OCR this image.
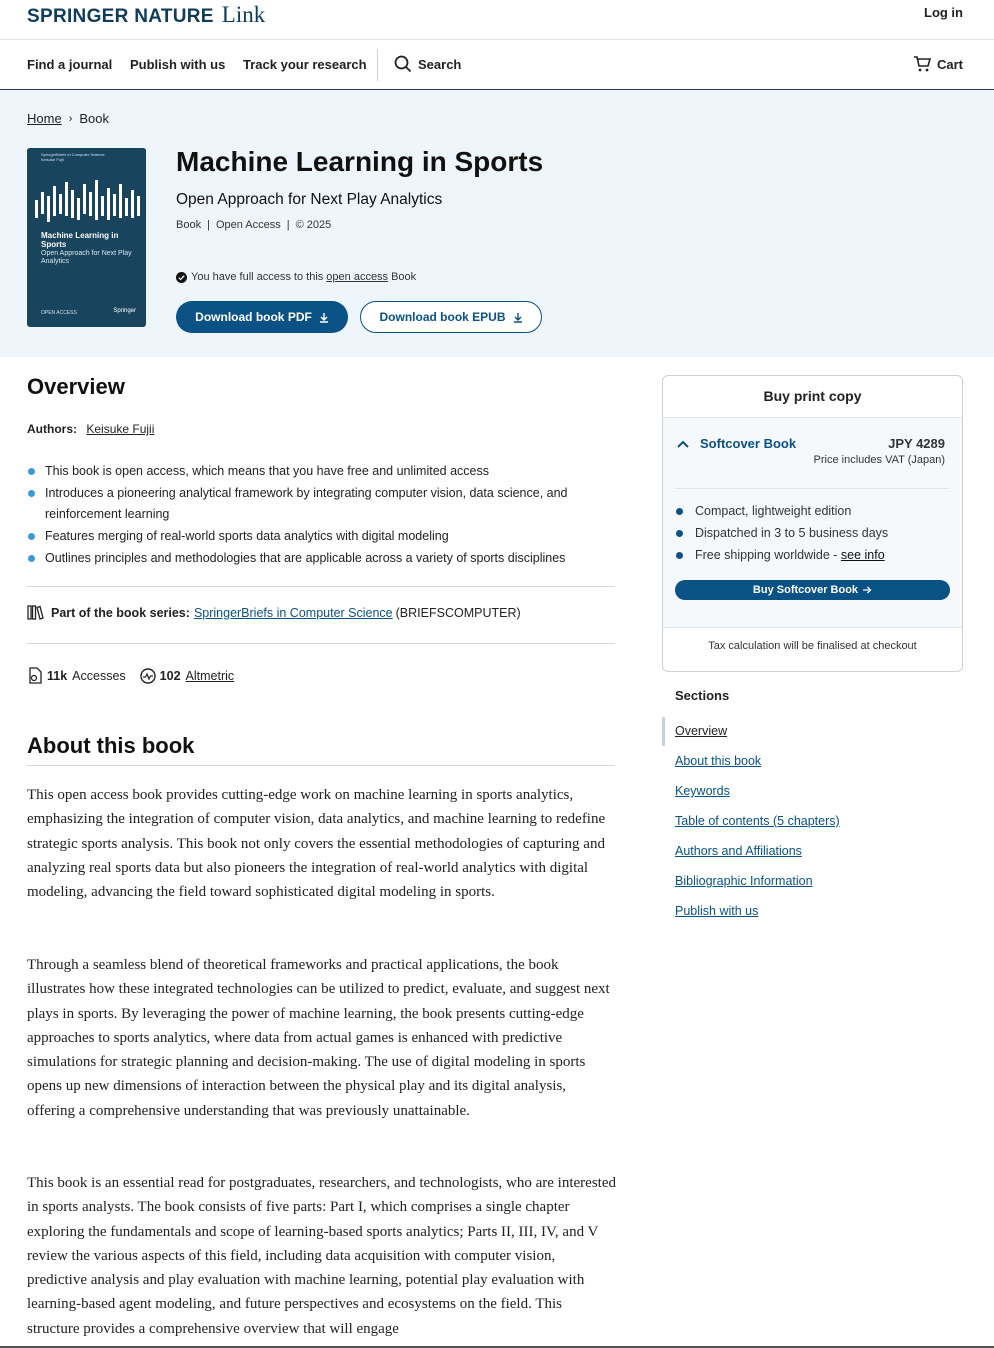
SPRINGER NATURE Link	Log in
Find a journal Publish with us Track your research	Search	Cart
Home › Book
SpringerBriefs in Computer Science
Keisuke Fujii
Machine Learning in Sports
Open Approach for Next Play Analytics
OPEN ACCESS	Springer
Machine Learning in Sports
Open Approach for Next Play Analytics
Book | Open Access | © 2025
You have full access to this open access Book
Download book PDF	Download book EPUB
Overview
Authors: Keisuke Fujii
This book is open access, which means that you have free and unlimited access
Introduces a pioneering analytical framework by integrating computer vision, data science, and reinforcement learning
Features merging of real-world sports data analytics with digital modeling
Outlines principles and methodologies that are applicable across a variety of sports disciplines
Part of the book series: SpringerBriefs in Computer Science (BRIEFSCOMPUTER)
11k Accesses	102 Altmetric
About this book

This open access book provides cutting-edge work on machine learning in sports analytics, emphasizing the integration of computer vision, data analytics, and machine learning to redefine strategic sports analysis. This book not only covers the essential methodologies of capturing and analyzing real sports data but also pioneers the integration of real-world analytics with digital modeling, advancing the field toward sophisticated digital modeling in sports.

Through a seamless blend of theoretical frameworks and practical applications, the book illustrates how these integrated technologies can be utilized to predict, evaluate, and suggest next plays in sports. By leveraging the power of machine learning, the book presents cutting-edge approaches to sports analytics, where data from actual games is enhanced with predictive simulations for strategic planning and decision-making. The use of digital modeling in sports opens up new dimensions of interaction between the physical play and its digital analysis, offering a comprehensive understanding that was previously unattainable.

This book is an essential read for postgraduates, researchers, and technologists, who are interested in sports analysts. The book consists of five parts: Part I, which comprises a single chapter exploring the fundamentals and scope of learning-based sports analytics; Parts II, III, IV, and V review the various aspects of this field, including data acquisition with computer vision, predictive analysis and play evaluation with machine learning, potential play evaluation with learning-based agent modeling, and future perspectives and ecosystems on the field. This structure provides a comprehensive overview that will engage

Buy print copy
Softcover Book	JPY 4289
Price includes VAT (Japan)
Compact, lightweight edition
Dispatched in 3 to 5 business days
Free shipping worldwide - see info
Buy Softcover Book
Tax calculation will be finalised at checkout
Sections
Overview
About this book
Keywords
Table of contents (5 chapters)
Authors and Affiliations
Bibliographic Information
Publish with us
